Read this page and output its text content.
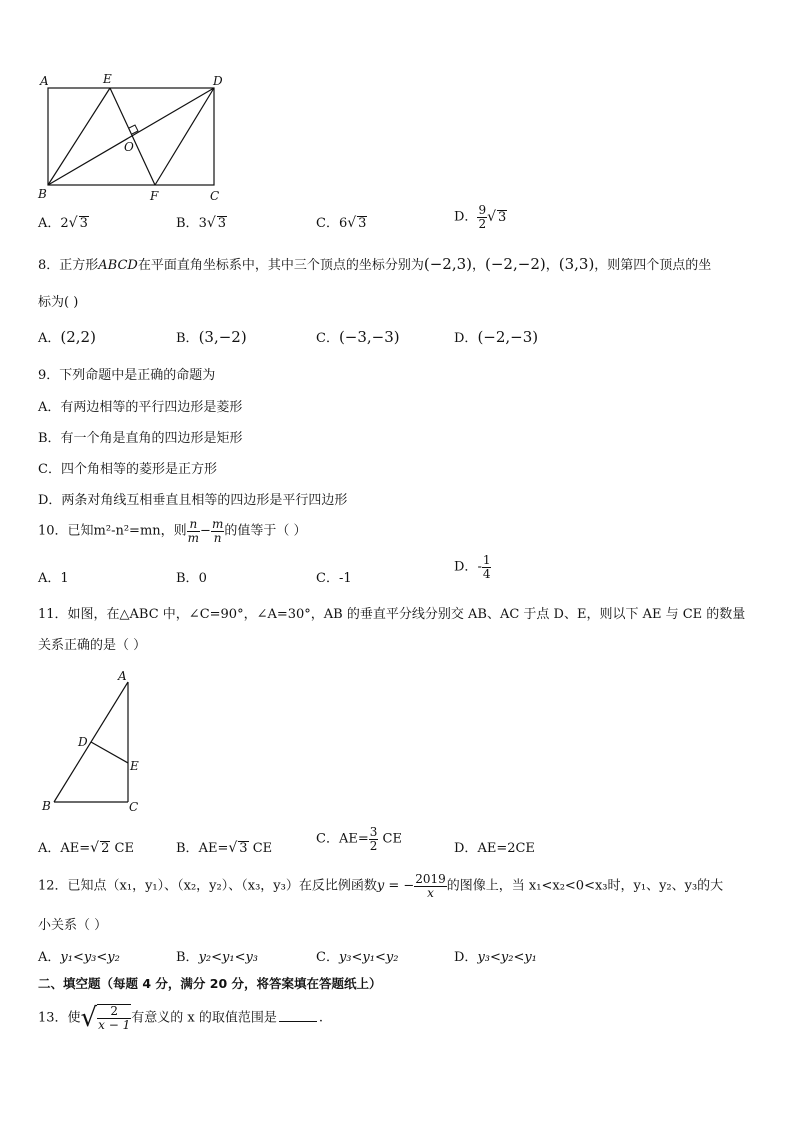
A	E	D
O
B	F	C
A．2√ 3	B．3√ 3	C．6√ 3	D． $\frac{9}{2}$ √ 3
8．正方形ABCD在平面直角坐标系中，其中三个顶点的坐标分别为(−2,3)，(−2,−2)，(3,3)，则第四个顶点的坐
标为( )
A．(2,2)	B．(3,−2)	C．(−3,−3)	D．(−2,−3)
9．下列命题中是正确的命题为
A．有两边相等的平行四边形是菱形
B．有一个角是直角的四边形是矩形
C．四个角相等的菱形是正方形
D．两条对角线互相垂直且相等的四边形是平行四边形
10．已知m²-n²=mn，则 $\frac{n}{m} - \frac{m}{n}$ 的值等于（ ）
A．1	B．0	C．-1
D．- $\frac{1}{4}$
11．如图，在△ABC 中，∠C=90°，∠A=30°，AB 的垂直平分线分别交 AB、AC 于点 D、E，则以下 AE 与 CE 的数量
关系正确的是（ ）
A
D
E
B	C
A．AE=√ 2 CE	B．AE=√ 3 CE
C．$AE= \frac{3}{2}$ CE
D．AE=2CE
12．已知点（x₁，y₁）、（x₂，y₂）、（x₃，y₃）在反比例函数y = − $\frac{2019}{x}$ 的图像上，当 x₁<x₂<0<x₃时，y₁、y₂、y₃的大
小关系（ ）
A．y₁<y₃<y₂	B．y₂<y₁<y₃	C．y₃<y₁<y₂	D．y₃<y₂<y₁
二、填空题（每题 4 分，满分 20 分，将答案填在答题纸上）
13．使√ $\frac{2}{x - 1}$ 有意义的 x 的取值范围是	.
